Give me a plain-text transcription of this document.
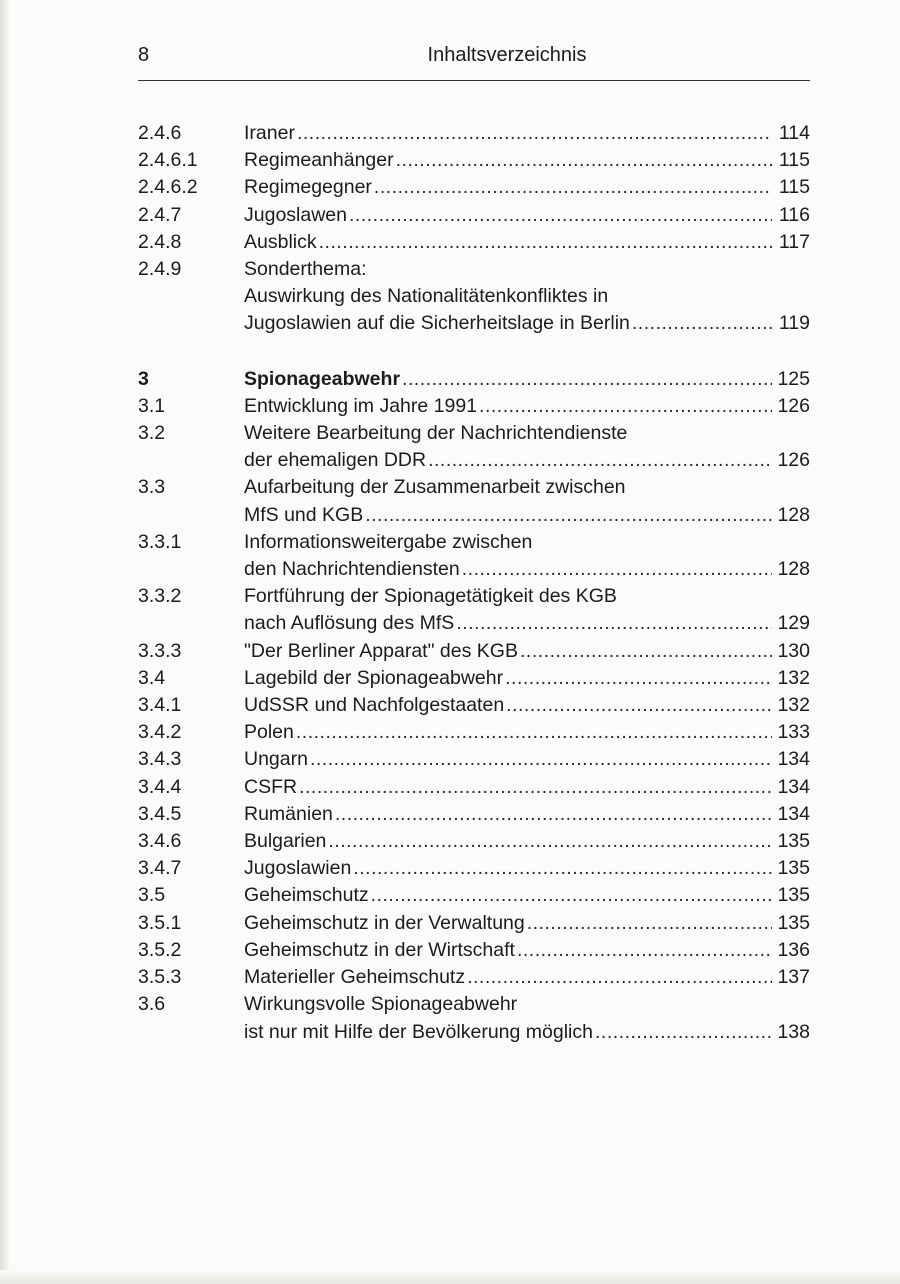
8	Inhaltsverzeichnis
2.4.6	Iraner .....	114
2.4.6.1	Regimeanhänger .....	115
2.4.6.2	Regimegegner .....	115
2.4.7	Jugoslawen .....	116
2.4.8	Ausblick .....	117
2.4.9	Sonderthema:
Auswirkung des Nationalitätenkonfliktes in
Jugoslawien auf die Sicherheitslage in Berlin .....	119
3	Spionageabwehr .....	125
3.1	Entwicklung im Jahre 1991 .....	126
3.2	Weitere Bearbeitung der Nachrichtendienste
der ehemaligen DDR .....	126
3.3	Aufarbeitung der Zusammenarbeit zwischen
MfS und KGB .....	128
3.3.1	Informationsweitergabe zwischen
den Nachrichtendiensten .....	128
3.3.2	Fortführung der Spionagetätigkeit des KGB
nach Auflösung des MfS .....	129
3.3.3	"Der Berliner Apparat" des KGB .....	130
3.4	Lagebild der Spionageabwehr .....	132
3.4.1	UdSSR und Nachfolgestaaten .....	132
3.4.2	Polen .....	133
3.4.3	Ungarn .....	134
3.4.4	CSFR .....	134
3.4.5	Rumänien .....	134
3.4.6	Bulgarien .....	135
3.4.7	Jugoslawien .....	135
3.5	Geheimschutz .....	135
3.5.1	Geheimschutz in der Verwaltung .....	135
3.5.2	Geheimschutz in der Wirtschaft .....	136
3.5.3	Materieller Geheimschutz .....	137
3.6	Wirkungsvolle Spionageabwehr
ist nur mit Hilfe der Bevölkerung möglich .....	138
